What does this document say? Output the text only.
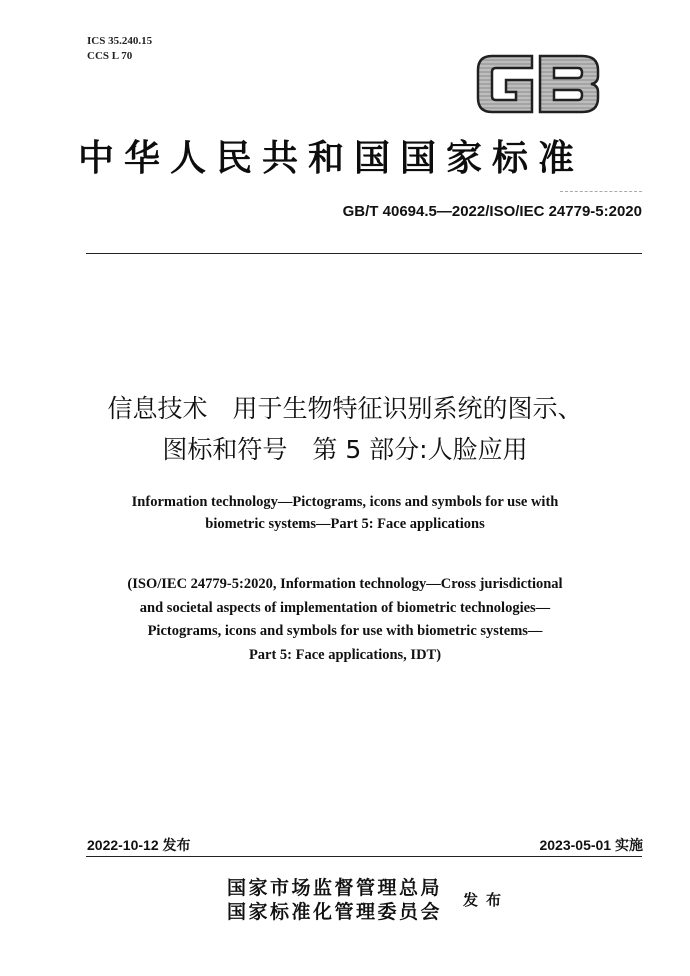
ICS 35.240.15
CCS L 70
中华人民共和国国家标准
GB/T 40694.5—2022/ISO/IEC 24779-5:2020
信息技术　用于生物特征识别系统的图示、
图标和符号　第 5 部分:人脸应用
Information technology—Pictograms, icons and symbols for use with
biometric systems—Part 5: Face applications
(ISO/IEC 24779-5:2020, Information technology—Cross jurisdictional
and societal aspects of implementation of biometric technologies—
Pictograms, icons and symbols for use with biometric systems—
Part 5: Face applications, IDT)
2022-10-12 发布	2023-05-01 实施
国家市场监督管理总局
国家标准化管理委员会
发布
